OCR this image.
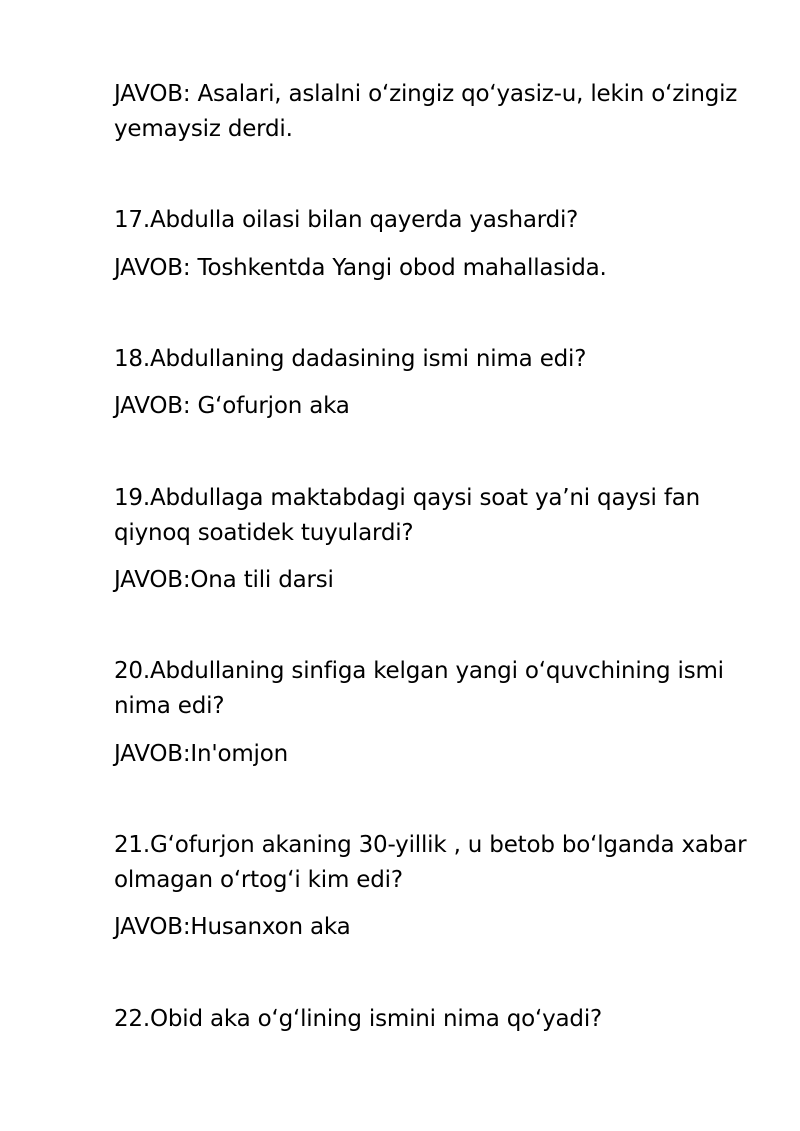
JAVOB: Asalari, aslalni oʻzingiz qoʻyasiz-u, lekin oʻzingiz

yemaysiz derdi.

17.Abdulla oilasi bilan qayerda yashardi?

JAVOB: Toshkentda Yangi obod mahallasida.

18.Abdullaning dadasining ismi nima edi?

JAVOB: Gʻofurjon aka

19.Abdullaga maktabdagi qaysi soat ya’ni qaysi fan

qiynoq soatidek tuyulardi?

JAVOB:Ona tili darsi

20.Abdullaning sinfiga kelgan yangi oʻquvchining ismi

nima edi?

JAVOB:In'omjon

21.Gʻofurjon akaning 30-yillik , u betob boʻlganda xabar

olmagan oʻrtogʻi kim edi?

JAVOB:Husanxon aka

22.Obid aka oʻgʻlining ismini nima qoʻyadi?
